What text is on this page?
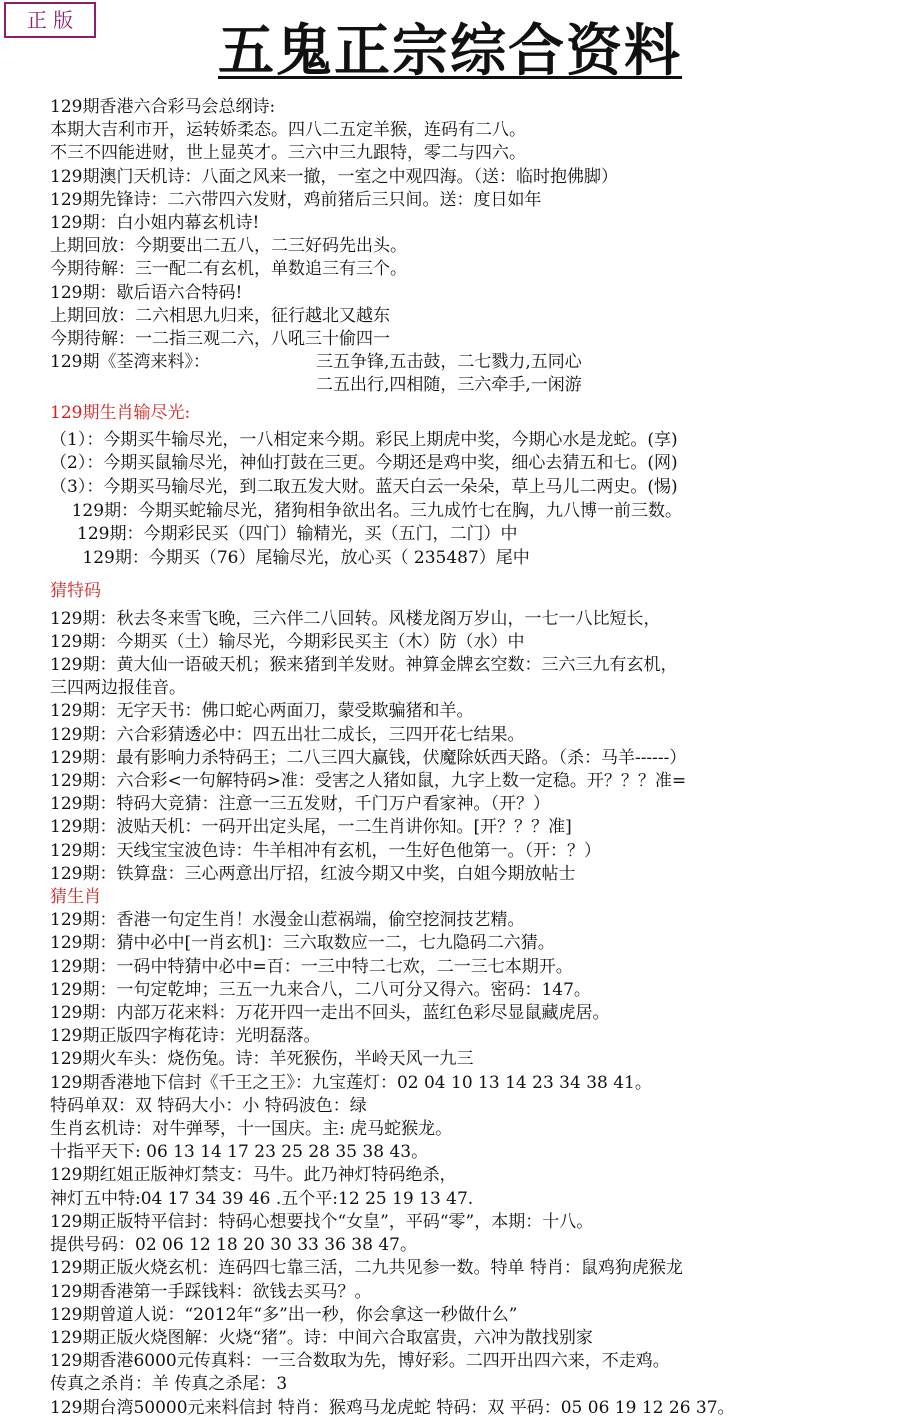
正 版	五鬼正宗综合资料
129期香港六合彩马会总纲诗:
本期大吉利市开，运转娇柔态。四八二五定羊猴，连码有二八。
不三不四能进财，世上显英才。三六中三九跟特，零二与四六。
129期澳门天机诗：八面之风来一撤，一室之中观四海。（送：临时抱佛脚）
129期先锋诗：二六带四六发财，鸡前猪后三只间。送：度日如年
129期：白小姐内幕玄机诗!
上期回放：今期要出二五八，二三好码先出头。
今期待解：三一配二有玄机，单数追三有三个。
129期：歇后语六合特码!
上期回放：二六相思九归来，征行越北又越东
今期待解：一二指三观二六，八吼三十偷四一
129期《荃湾来料》：	三五争锋,五击鼓，二七戮力,五同心
二五出行,四相随，三六牵手,一闲游
129期生肖输尽光:
（1）：今期买牛输尽光，一八相定来今期。彩民上期虎中奖，今期心水是龙蛇。(享)
（2）：今期买鼠输尽光，神仙打鼓在三更。今期还是鸡中奖，细心去猜五和七。(网)
（3）：今期买马输尽光，到二取五发大财。蓝天白云一朵朵，草上马儿二两史。(惕)
129期：今期买蛇输尽光，猪狗相争欲出名。三九成竹七在胸，九八博一前三数。
129期：今期彩民买（四门）输精光，买（五门，二门）中
129期：今期买（76）尾输尽光，放心买（ 235487）尾中
猜特码
129期：秋去冬来雪飞晚，三六伴二八回转。风楼龙阁万岁山，一七一八比短长，
129期：今期买（土）输尽光，今期彩民买主（木）防（水）中
129期：黄大仙一语破天机；猴来猪到羊发财。神算金牌玄空数：三六三九有玄机，
三四两边报佳音。
129期：无字天书：佛口蛇心两面刀，蒙受欺骗猪和羊。
129期：六合彩猜透必中：四五出壮二成长，三四开花七结果。
129期：最有影响力杀特码王；二八三四大赢钱，伏魔除妖西天路。（杀：马羊------）
129期：六合彩<一句解特码>准：受害之人猪如鼠，九字上数一定稳。开？？？准=
129期：特码大竞猜：注意一三五发财，千门万户看家神。（开？）
129期：波贴天机：一码开出定头尾，一二生肖讲你知。[开？？？准]
129期：天线宝宝波色诗：牛羊相冲有玄机，一生好色他第一。（开：？）
129期：铁算盘：三心两意出厅招，红波今期又中奖，白姐今期放帖士
猜生肖
129期：香港一句定生肖！水漫金山惹祸端，偷空挖洞技艺精。
129期：猜中必中[一肖玄机]：三六取数应一二，七九隐码二六猜。
129期：一码中特猜中必中=百：一三中特二七欢，二一三七本期开。
129期：一句定乾坤；三五一九来合八，二八可分又得六。密码：147。
129期：内部万花来料：万花开四一走出不回头，蓝红色彩尽显鼠藏虎居。
129期正版四字梅花诗：光明磊落。
129期火车头：烧伤兔。诗：羊死猴伤，半岭天风一九三
129期香港地下信封《千王之王》：九宝莲灯：02 04 10 13 14 23 34 38 41。
特码单双：双 特码大小：小 特码波色：绿
生肖玄机诗：对牛弹琴，十一国庆。主: 虎马蛇猴龙。
十指平天下: 06 13 14 17 23 25 28 35 38 43。
129期红姐正版神灯禁支：马牛。此乃神灯特码绝杀，
神灯五中特:04 17 34 39 46 .五个平:12 25 19 13 47.
129期正版特平信封：特码心想要找个“女皇”，平码“零”，本期：十八。
提供号码：02 06 12 18 20 30 33 36 38 47。
129期正版火烧玄机：连码四七靠三活，二九共见参一数。特单 特肖：鼠鸡狗虎猴龙
129期香港第一手踩钱料：欲钱去买马？。
129期曾道人说：“2012年“多”出一秒，你会拿这一秒做什么”
129期正版火烧图解：火烧“猪”。诗：中间六合取富贵，六冲为散找别家
129期香港6000元传真料：一三合数取为先，博好彩。二四开出四六来，不走鸡。
传真之杀肖：羊 传真之杀尾：3
129期台湾50000元来料信封 特肖：猴鸡马龙虎蛇 特码：双 平码：05 06 19 12 26 37。
